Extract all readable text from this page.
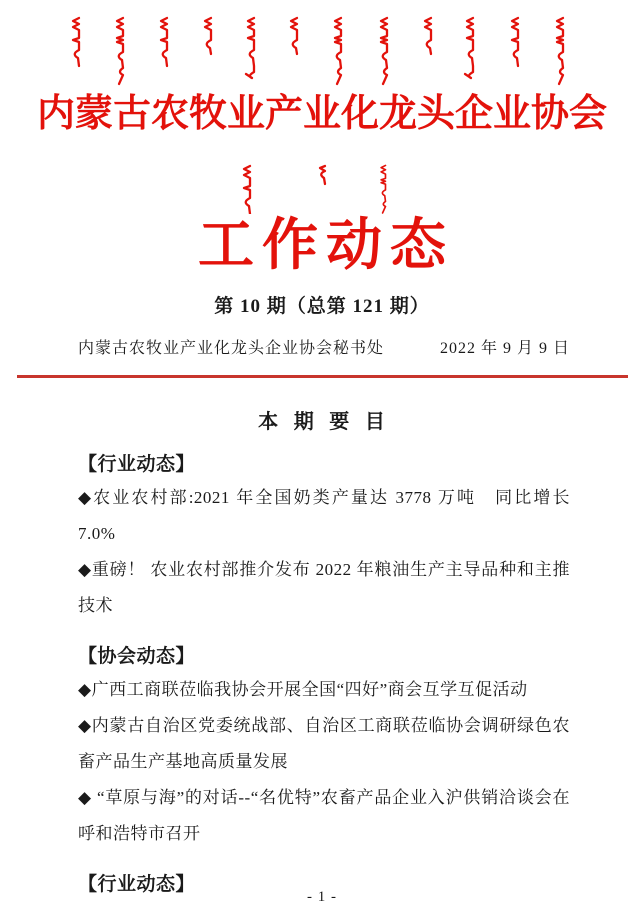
内蒙古农牧业产业化龙头企业协会
工作动态
第 10 期（总第 121 期）
内蒙古农牧业产业化龙头企业协会秘书处	2022 年 9 月 9 日
本 期 要 目
【行业动态】

◆农业农村部:2021 年全国奶类产量达 3778 万吨　同比增长 7.0%

◆重磅！ 农业农村部推介发布 2022 年粮油生产主导品种和主推技术

【协会动态】

◆广西工商联莅临我协会开展全国“四好”商会互学互促活动

◆内蒙古自治区党委统战部、自治区工商联莅临协会调研绿色农畜产品生产基地高质量发展

◆ “草原与海”的对话--“名优特”农畜产品企业入沪供销洽谈会在呼和浩特市召开

【行业动态】
- 1 -
